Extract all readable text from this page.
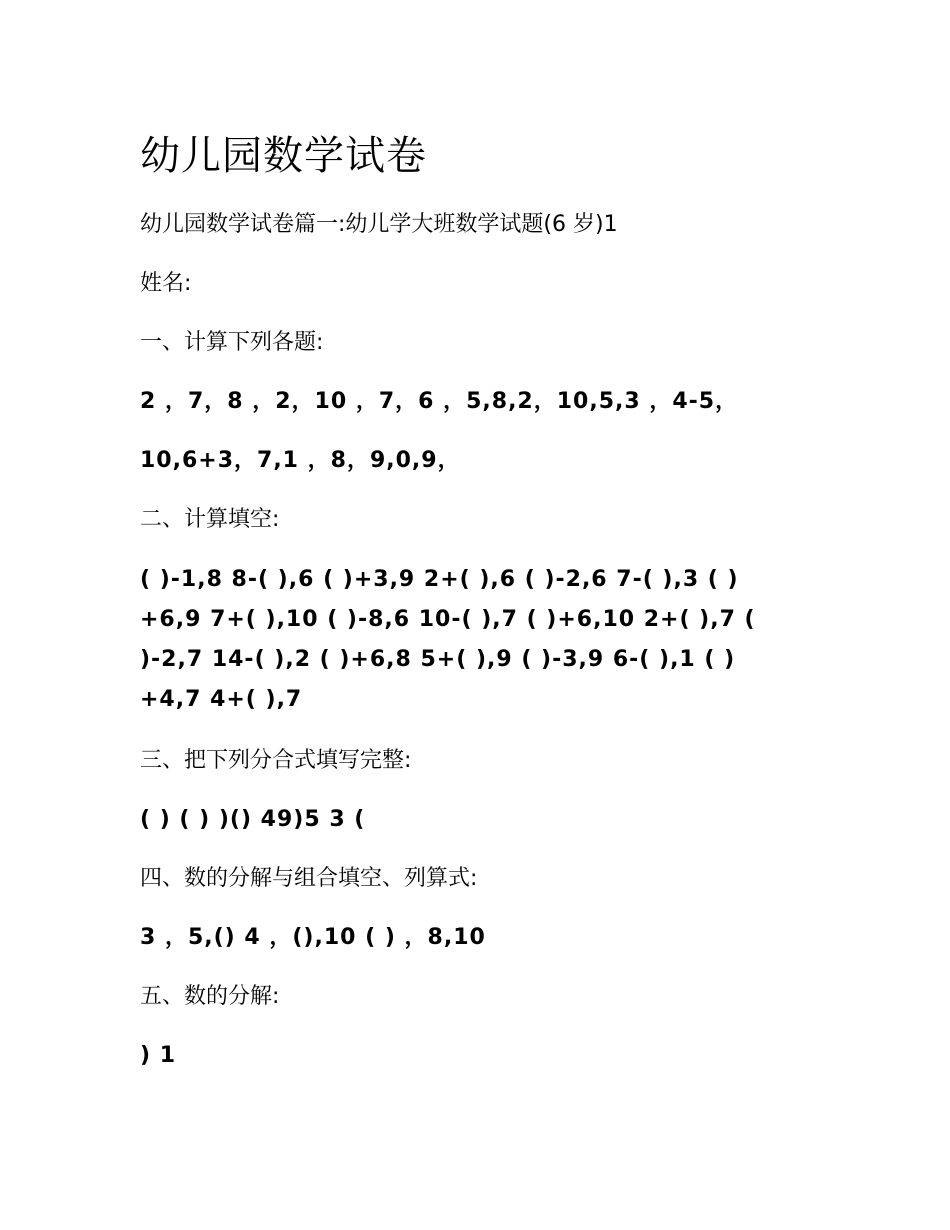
幼儿园数学试卷

幼儿园数学试卷篇一:幼儿学大班数学试题(6 岁)1

姓名:

一、计算下列各题:

2 ，7，8 ，2，10 ，7，6 ，5,8,2，10,5,3 ，4-5，

10,6+3，7,1 ，8，9,0,9，

二、计算填空:

( )-1,8 8-( ),6 ( )+3,9 2+( ),6 ( )-2,6 7-( ),3 ( )
+6,9 7+( ),10 ( )-8,6 10-( ),7 ( )+6,10 2+( ),7 (
)-2,7 14-( ),2 ( )+6,8 5+( ),9 ( )-3,9 6-( ),1 ( )
+4,7 4+( ),7

三、把下列分合式填写完整:

( ) ( ) )() 49)5 3 (

四、数的分解与组合填空、列算式:

3 ，5,() 4 ，(),10 ( ) ，8,10

五、数的分解:

) 1
